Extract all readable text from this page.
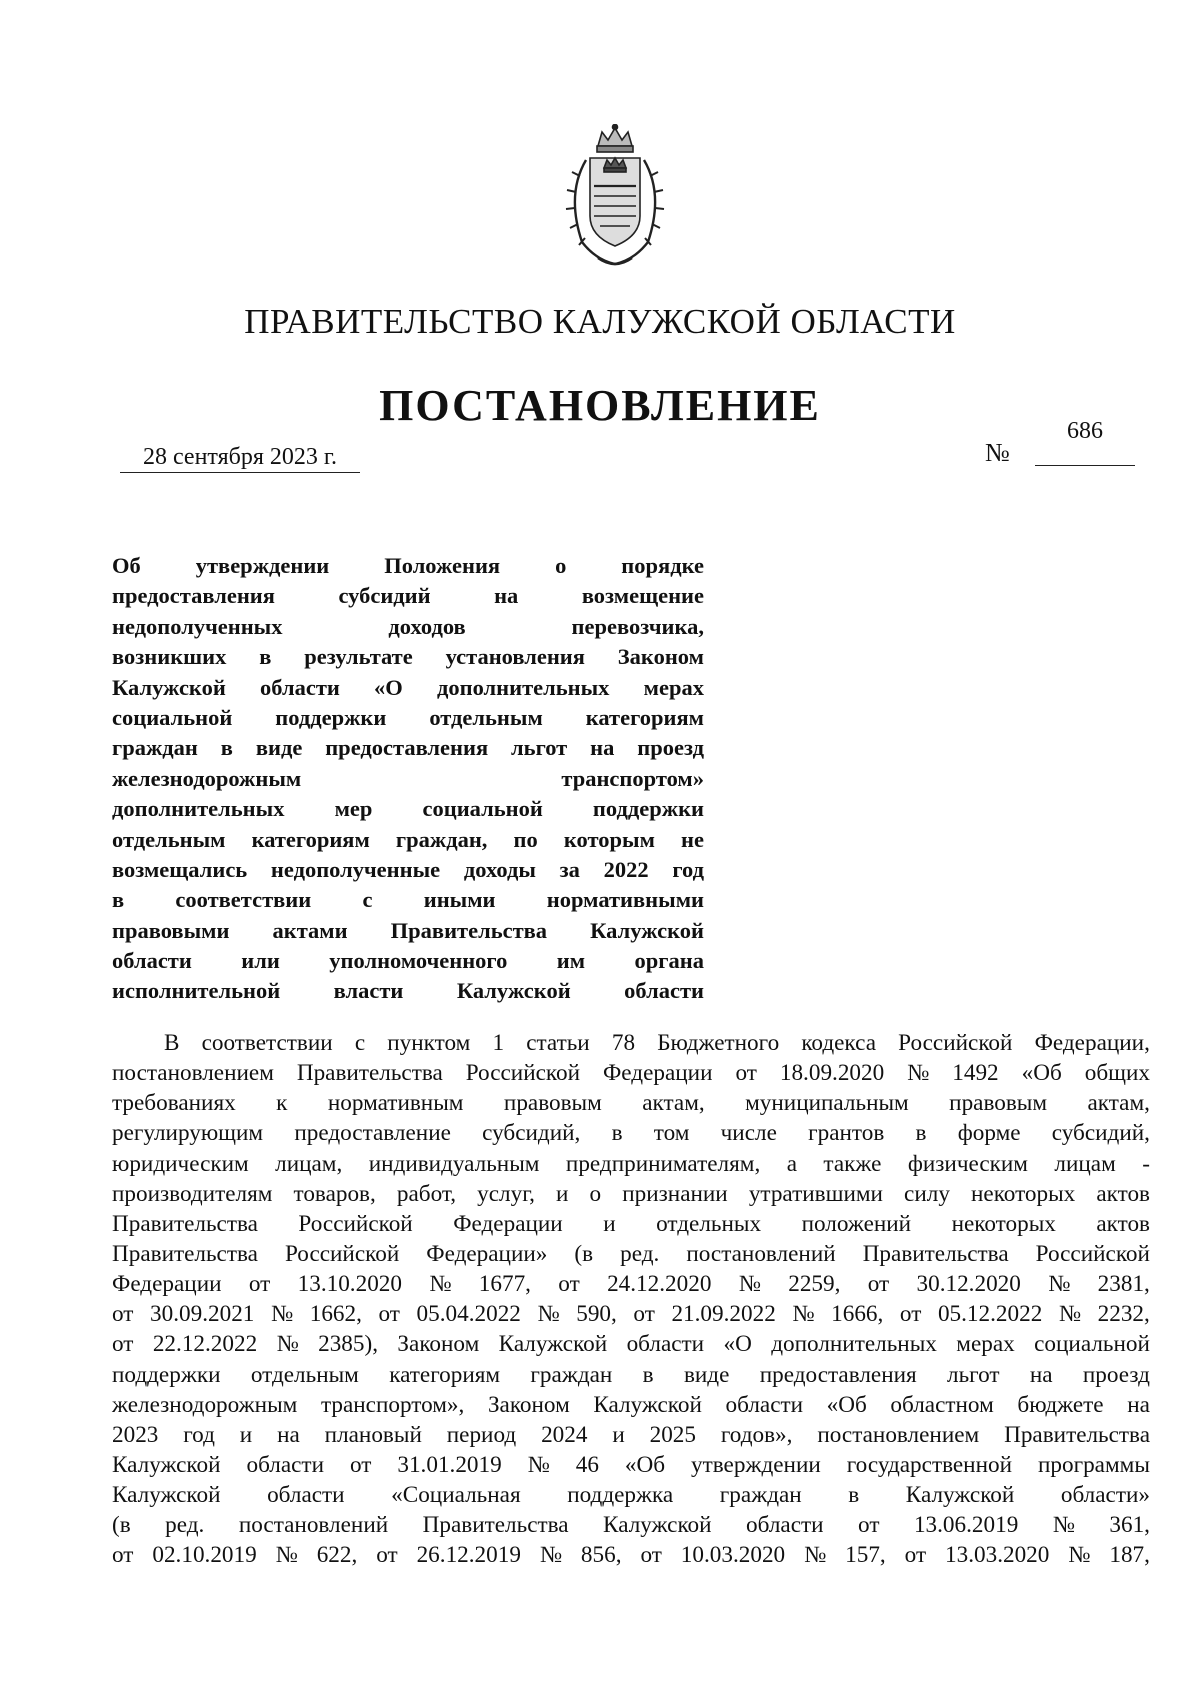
ПРАВИТЕЛЬСТВО КАЛУЖСКОЙ ОБЛАСТИ
ПОСТАНОВЛЕНИЕ
28 сентября 2023 г.	№
686
Об утверждении Положения о порядке
предоставления	субсидий	на	возмещение
недополученных	доходов	перевозчика,
возникших в результате установления Законом
Калужской области «О дополнительных мерах
социальной поддержки отдельным категориям
граждан в виде предоставления льгот на проезд
железнодорожным	транспортом»
дополнительных мер социальной поддержки
отдельным категориям граждан, по которым не
возмещались недополученные доходы за 2022 год
в соответствии с иными нормативными
правовыми актами Правительства Калужской
области или уполномоченного им органа
исполнительной власти Калужской области
В соответствии с пунктом 1 статьи 78 Бюджетного кодекса Российской Федерации,
постановлением Правительства Российской Федерации от 18.09.2020 № 1492 «Об общих
требованиях к нормативным правовым актам, муниципальным правовым актам,
регулирующим предоставление субсидий, в том числе грантов в форме субсидий,
юридическим лицам, индивидуальным предпринимателям, а также физическим лицам -
производителям товаров, работ, услуг, и о признании утратившими силу некоторых актов
Правительства Российской Федерации и отдельных положений некоторых актов
Правительства Российской Федерации» (в ред. постановлений Правительства Российской
Федерации от 13.10.2020 № 1677, от 24.12.2020 № 2259, от 30.12.2020 № 2381,
от 30.09.2021 № 1662, от 05.04.2022 № 590, от 21.09.2022 № 1666, от 05.12.2022 № 2232,
от 22.12.2022 № 2385), Законом Калужской области «О дополнительных мерах социальной
поддержки отдельным категориям граждан в виде предоставления льгот на проезд
железнодорожным транспортом», Законом Калужской области «Об областном бюджете на
2023 год и на плановый период 2024 и 2025 годов», постановлением Правительства
Калужской области от 31.01.2019 № 46 «Об утверждении государственной программы
Калужской области «Социальная поддержка граждан в Калужской области»
(в ред. постановлений Правительства Калужской области от 13.06.2019 № 361,
от 02.10.2019 № 622, от 26.12.2019 № 856, от 10.03.2020 № 157, от 13.03.2020 № 187,
